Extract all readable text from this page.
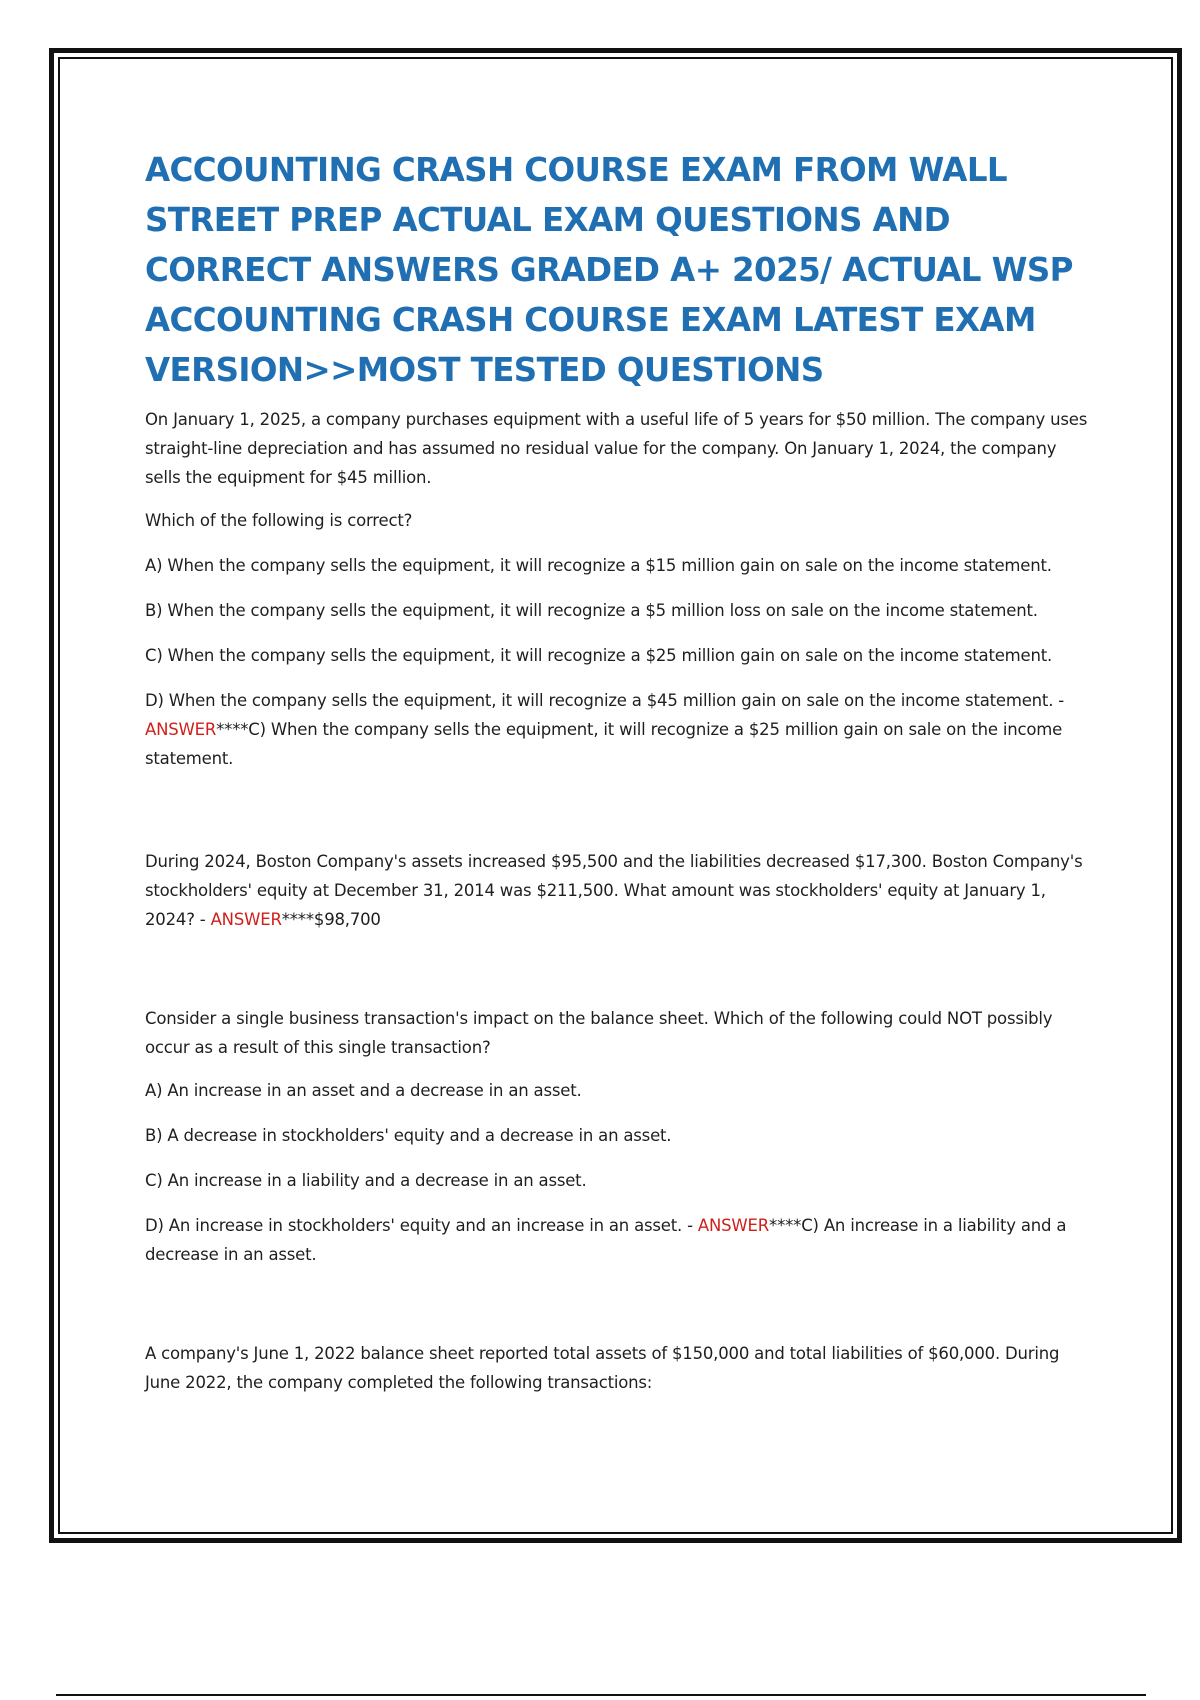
ACCOUNTING CRASH COURSE EXAM FROM WALL STREET PREP ACTUAL EXAM QUESTIONS AND CORRECT ANSWERS GRADED A+ 2025/ ACTUAL WSP ACCOUNTING CRASH COURSE EXAM LATEST EXAM VERSION>>MOST TESTED QUESTIONS

On January 1, 2025, a company purchases equipment with a useful life of 5 years for $50 million. The company uses straight-line depreciation and has assumed no residual value for the company. On January 1, 2024, the company sells the equipment for $45 million.

Which of the following is correct?

A) When the company sells the equipment, it will recognize a $15 million gain on sale on the income statement.

B) When the company sells the equipment, it will recognize a $5 million loss on sale on the income statement.

C) When the company sells the equipment, it will recognize a $25 million gain on sale on the income statement.

D) When the company sells the equipment, it will recognize a $45 million gain on sale on the income statement. - ANSWER****C) When the company sells the equipment, it will recognize a $25 million gain on sale on the income statement.

During 2024, Boston Company's assets increased $95,500 and the liabilities decreased $17,300. Boston Company's stockholders' equity at December 31, 2014 was $211,500. What amount was stockholders' equity at January 1, 2024? - ANSWER****$98,700

Consider a single business transaction's impact on the balance sheet. Which of the following could NOT possibly occur as a result of this single transaction?

A) An increase in an asset and a decrease in an asset.

B) A decrease in stockholders' equity and a decrease in an asset.

C) An increase in a liability and a decrease in an asset.

D) An increase in stockholders' equity and an increase in an asset. - ANSWER****C) An increase in a liability and a decrease in an asset.

A company's June 1, 2022 balance sheet reported total assets of $150,000 and total liabilities of $60,000. During June 2022, the company completed the following transactions:
